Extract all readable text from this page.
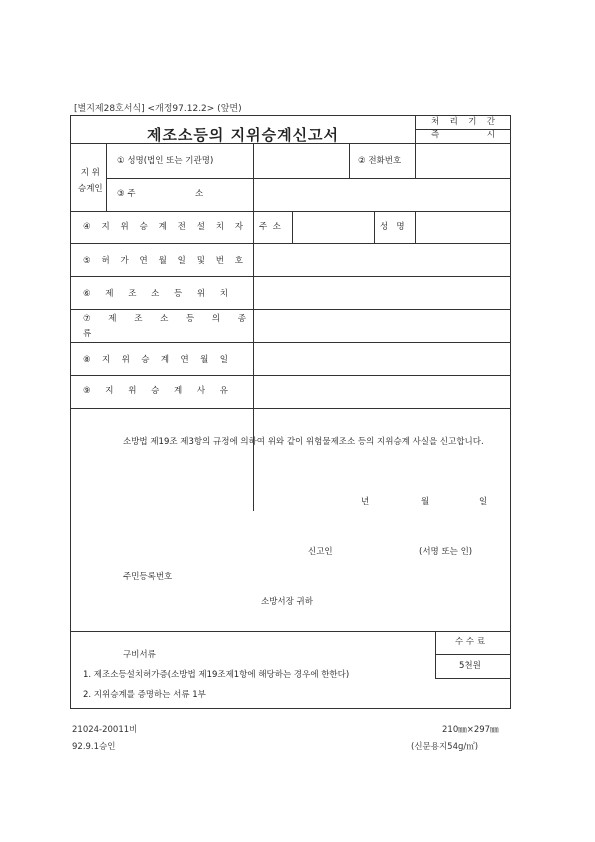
[별지제28호서식] <개정97.12.2> (앞면)
제조소등의 지위승계신고서
처 리 기 간
즉	시
지 위
승계인
① 성명(법인 또는 기관명)	② 전화번호
③ 주                      소
④ 지 위 승 계 전 설 치 자 주  소	성   명
⑤ 허 가 연 월 일 및 번 호
⑥ 제 조 소 등 위 치
⑦ 제 조 소 등 의 종
류
⑧ 지 위 승 계 연 월 일
⑨ 지 위 승 계 사 유
소방법 제19조 제3항의 규정에 의하여 위와 같이 위험물제조소 등의 지위승계 사실을 신고합니다.
년	월	일
신고인	(서명 또는 인)
주민등록번호
소방서장 귀하
구비서류
1. 제조소등설치허가증(소방법 제19조제1항에 해당하는 경우에 한한다)
2. 지위승계를 증명하는 서류 1부
수 수 료
5천원
21024-20011비
92.9.1승인
210㎜×297㎜
(신문용지54g/㎡)
